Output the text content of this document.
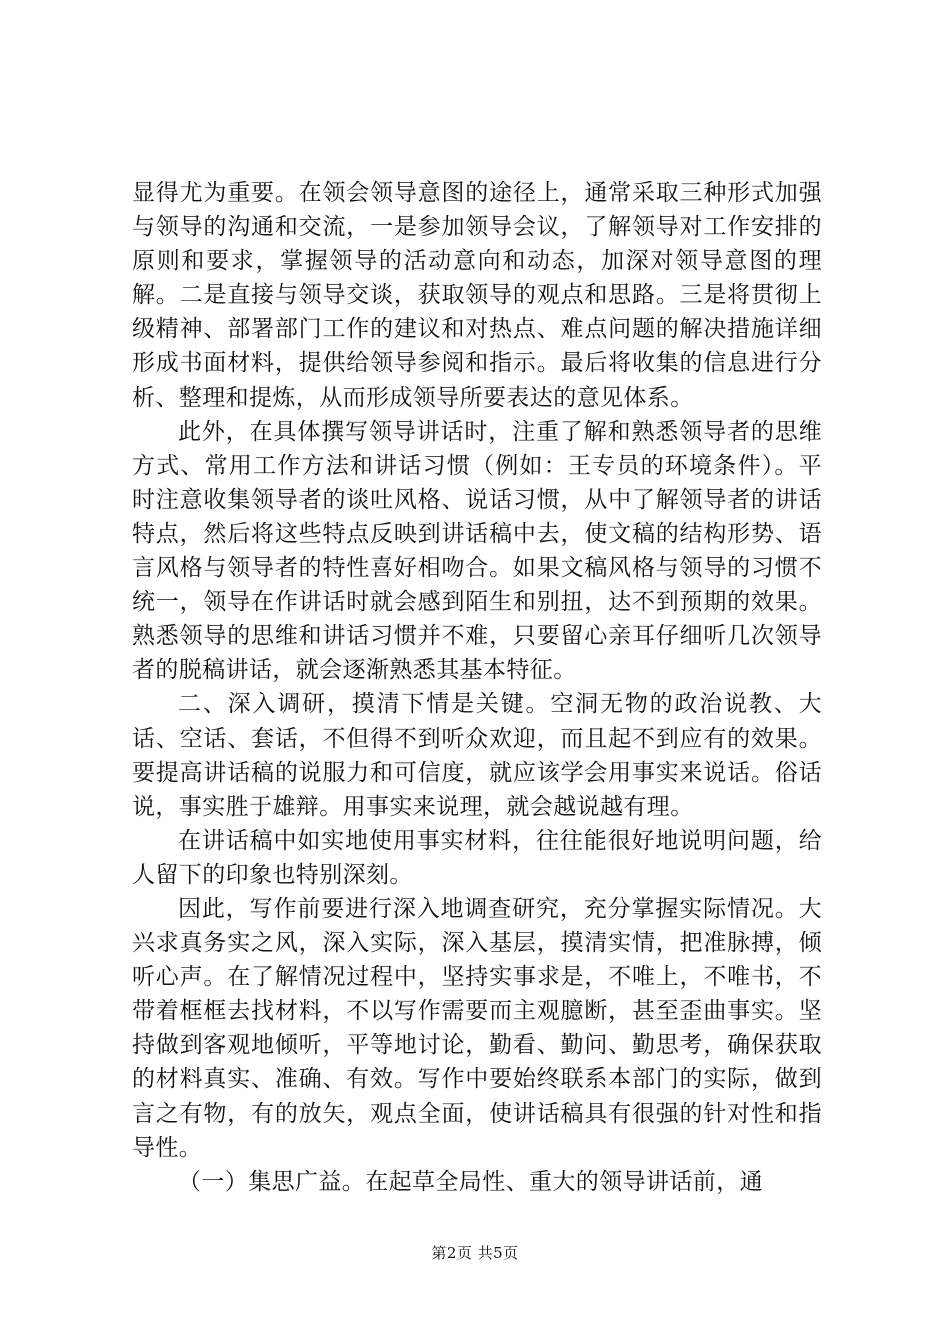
显得尤为重要。在领会领导意图的途径上，通常采取三种形式加强与领导的沟通和交流，一是参加领导会议，了解领导对工作安排的原则和要求，掌握领导的活动意向和动态，加深对领导意图的理解。二是直接与领导交谈，获取领导的观点和思路。三是将贯彻上级精神、部署部门工作的建议和对热点、难点问题的解决措施详细形成书面材料，提供给领导参阅和指示。最后将收集的信息进行分析、整理和提炼，从而形成领导所要表达的意见体系。

此外，在具体撰写领导讲话时，注重了解和熟悉领导者的思维方式、常用工作方法和讲话习惯（例如：王专员的环境条件）。平时注意收集领导者的谈吐风格、说话习惯，从中了解领导者的讲话特点，然后将这些特点反映到讲话稿中去，使文稿的结构形势、语言风格与领导者的特性喜好相吻合。如果文稿风格与领导的习惯不统一，领导在作讲话时就会感到陌生和别扭，达不到预期的效果。熟悉领导的思维和讲话习惯并不难，只要留心亲耳仔细听几次领导者的脱稿讲话，就会逐渐熟悉其基本特征。

二、深入调研，摸清下情是关键。空洞无物的政治说教、大话、空话、套话，不但得不到听众欢迎，而且起不到应有的效果。要提高讲话稿的说服力和可信度，就应该学会用事实来说话。俗话说，事实胜于雄辩。用事实来说理，就会越说越有理。

在讲话稿中如实地使用事实材料，往往能很好地说明问题，给人留下的印象也特别深刻。

因此，写作前要进行深入地调查研究，充分掌握实际情况。大兴求真务实之风，深入实际，深入基层，摸清实情，把准脉搏，倾听心声。在了解情况过程中，坚持实事求是，不唯上，不唯书，不带着框框去找材料，不以写作需要而主观臆断，甚至歪曲事实。坚持做到客观地倾听，平等地讨论，勤看、勤问、勤思考，确保获取的材料真实、准确、有效。写作中要始终联系本部门的实际，做到言之有物，有的放矢，观点全面，使讲话稿具有很强的针对性和指导性。

（一）集思广益。在起草全局性、重大的领导讲话前，通

第2页 共5页
